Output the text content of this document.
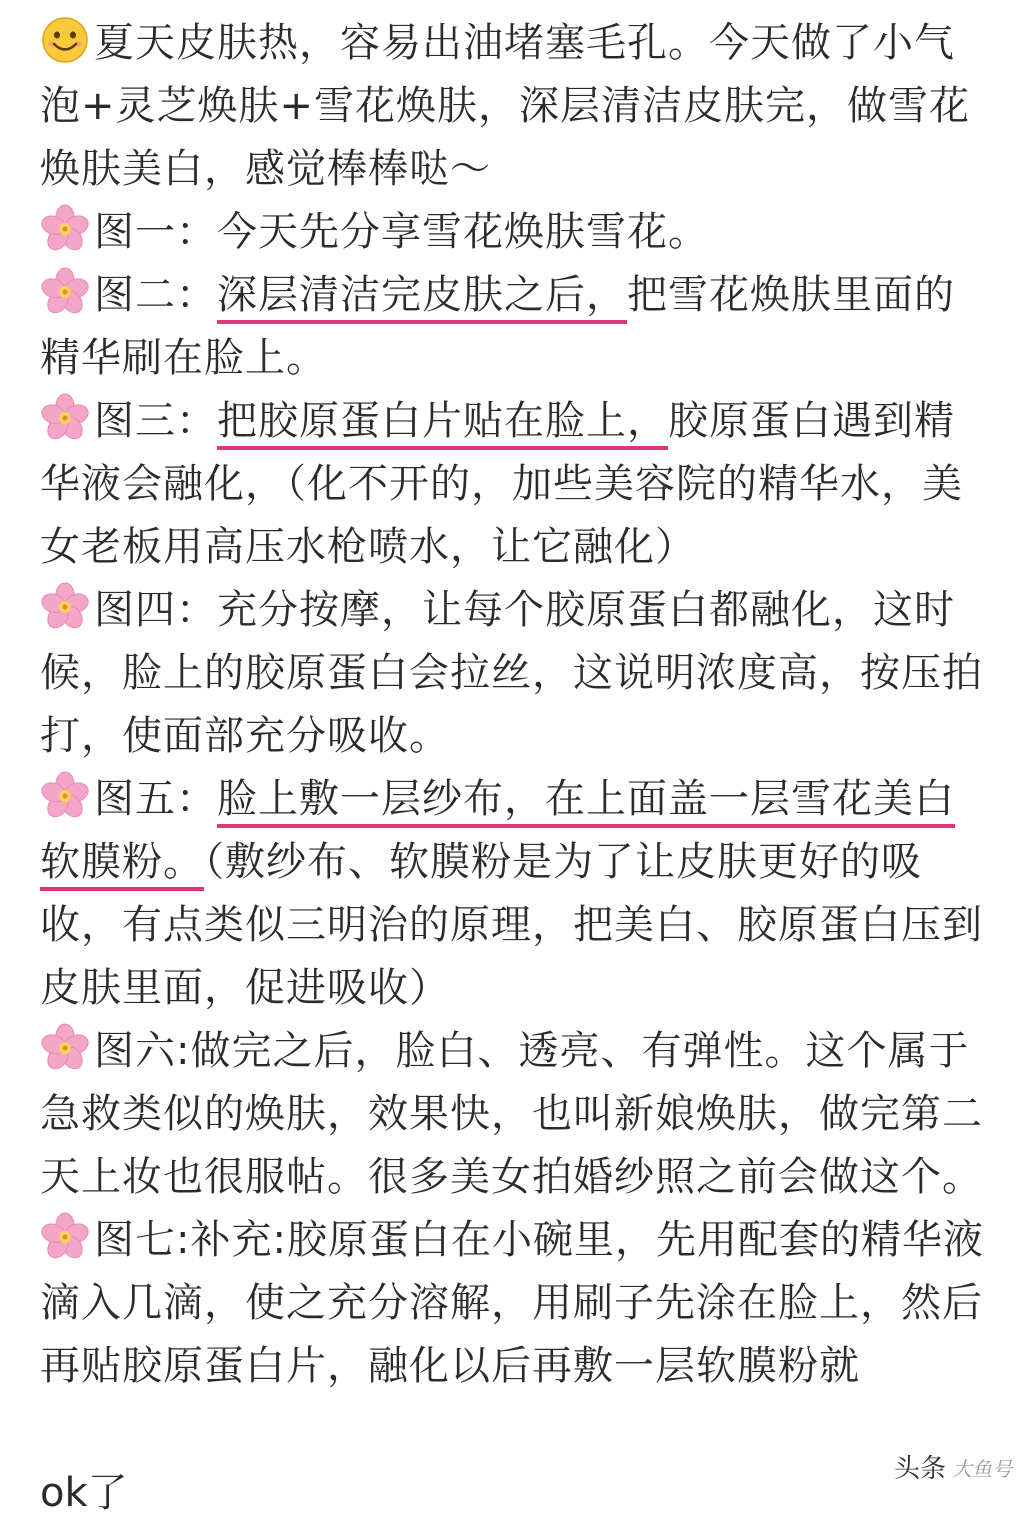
夏天皮肤热，容易出油堵塞毛孔。今天做了小气泡+灵芝焕肤+雪花焕肤，深层清洁皮肤完，做雪花焕肤美白，感觉棒棒哒～

图一：今天先分享雪花焕肤雪花。

图二：深层清洁完皮肤之后，把雪花焕肤里面的精华刷在脸上。

图三：把胶原蛋白片贴在脸上，胶原蛋白遇到精华液会融化，（化不开的，加些美容院的精华水，美女老板用高压水枪喷水，让它融化）

图四：充分按摩，让每个胶原蛋白都融化，这时候，脸上的胶原蛋白会拉丝，这说明浓度高，按压拍打，使面部充分吸收。

图五：脸上敷一层纱布，在上面盖一层雪花美白软膜粉。（敷纱布、软膜粉是为了让皮肤更好的吸收，有点类似三明治的原理，把美白、胶原蛋白压到皮肤里面，促进吸收）

图六:做完之后，脸白、透亮、有弹性。这个属于急救类似的焕肤，效果快，也叫新娘焕肤，做完第二天上妆也很服帖。很多美女拍婚纱照之前会做这个。

图七:补充:胶原蛋白在小碗里，先用配套的精华液滴入几滴，使之充分溶解，用刷子先涂在脸上，然后再贴胶原蛋白片，融化以后再敷一层软膜粉就

ok了
头条 大鱼号
